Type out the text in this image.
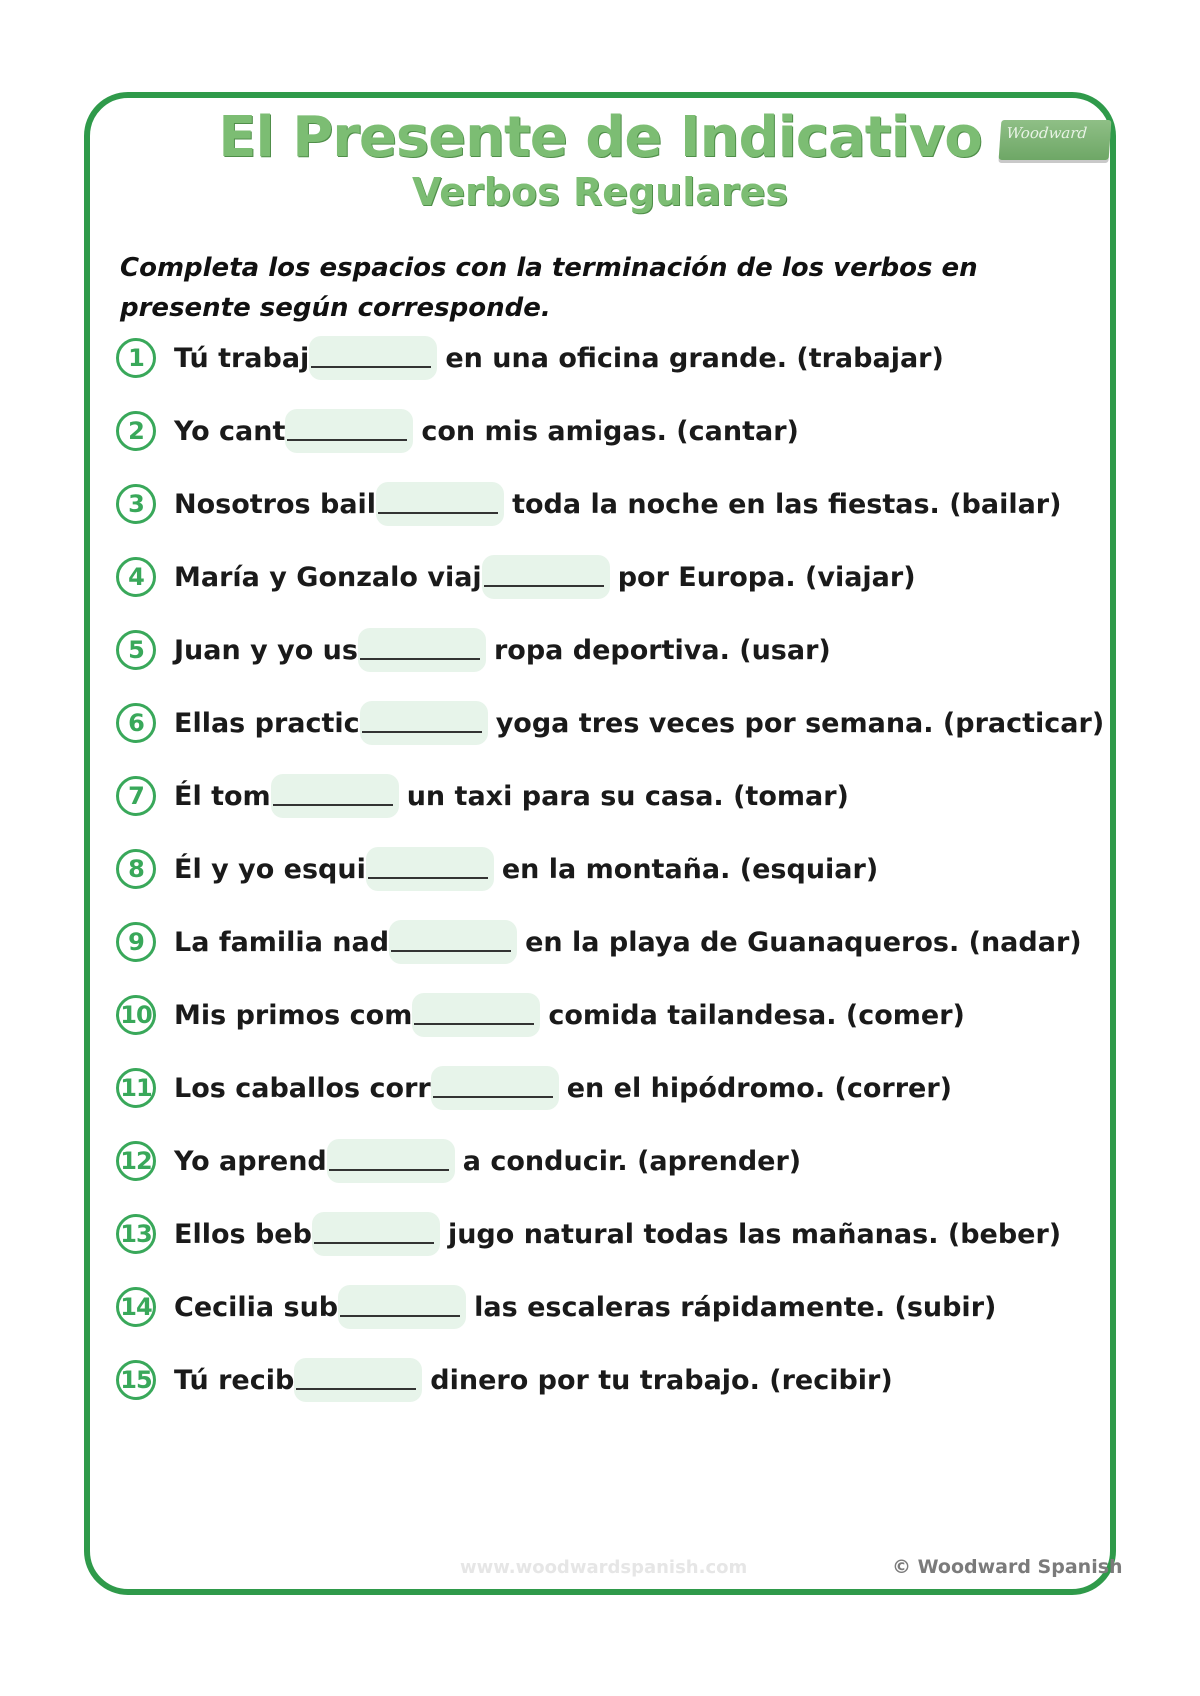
El Presente de Indicativo
Verbos Regulares
Woodward
Completa los espacios con la terminación de los verbos en presente según corresponde.
1	Tú trabaj	en una oficina grande. (trabajar)
2	Yo cant	con mis amigas. (cantar)
3	Nosotros bail	toda la noche en las fiestas. (bailar)
4	María y Gonzalo viaj	por Europa. (viajar)
5	Juan y yo us	ropa deportiva. (usar)
6	Ellas practic	yoga tres veces por semana. (practicar)
7	Él tom	un taxi para su casa. (tomar)
8	Él y yo esqui	en la montaña. (esquiar)
9	La familia nad	en la playa de Guanaqueros. (nadar)
10 Mis primos com	comida tailandesa. (comer)
11 Los caballos corr	en el hipódromo. (correr)
12 Yo aprend	a conducir. (aprender)
13 Ellos beb	jugo natural todas las mañanas. (beber)
14 Cecilia sub	las escaleras rápidamente. (subir)
15 Tú recib	dinero por tu trabajo. (recibir)
www.woodwardspanish.com	© Woodward Spanish
